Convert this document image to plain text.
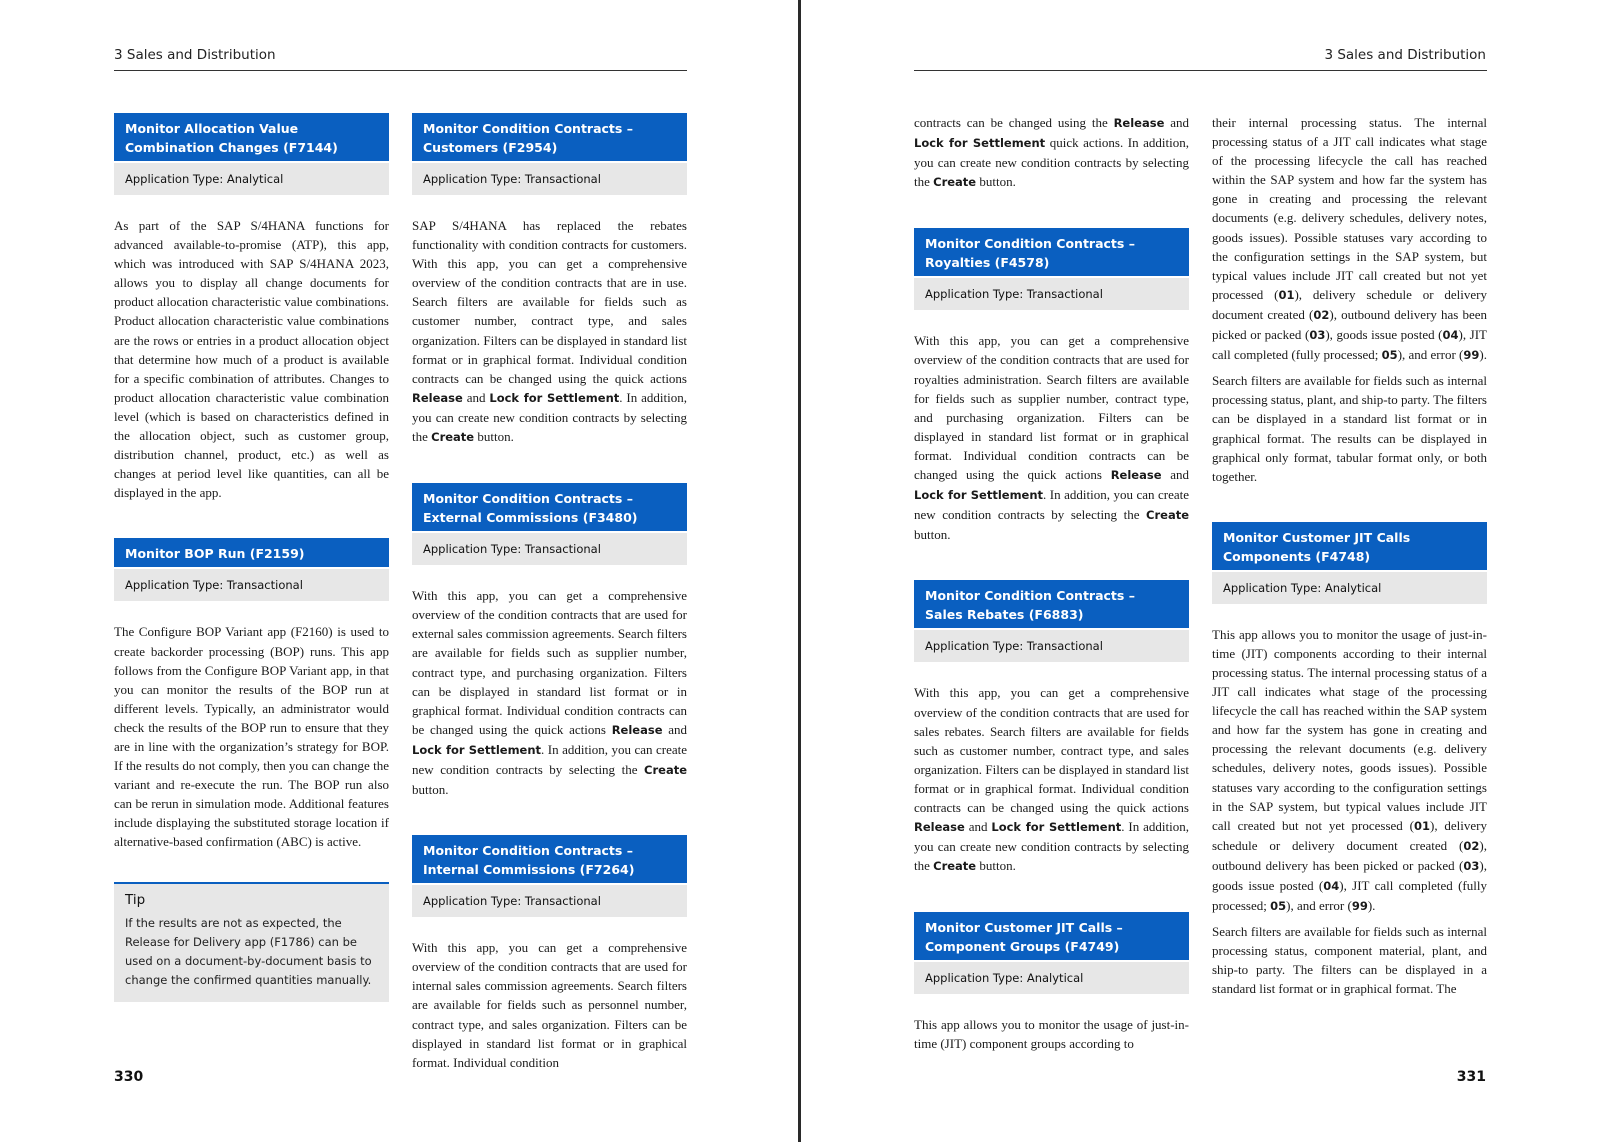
3 Sales and Distribution
Monitor Allocation Value Combination Changes (F7144)
Application Type: Analytical

As part of the SAP S/4HANA functions for advanced available-to-promise (ATP), this app, which was introduced with SAP S/4HANA 2023, allows you to display all change documents for product allocation characteristic value combinations. Product allocation characteristic value combinations are the rows or entries in a product allocation object that determine how much of a product is available for a specific combination of attributes. Changes to product allocation characteristic value combination level (which is based on characteristics defined in the allocation object, such as customer group, distribution channel, product, etc.) as well as changes at period level like quantities, can all be displayed in the app.

Monitor BOP Run (F2159)
Application Type: Transactional

The Configure BOP Variant app (F2160) is used to create backorder processing (BOP) runs. This app follows from the Configure BOP Variant app, in that you can monitor the results of the BOP run at different levels. Typically, an administrator would check the results of the BOP run to ensure that they are in line with the organization’s strategy for BOP. If the results do not comply, then you can change the variant and re-execute the run. The BOP run also can be rerun in simulation mode. Additional features include displaying the substituted storage location if alternative-based confirmation (ABC) is active.

Tip
If the results are not as expected, the Release for Delivery app (F1786) can be used on a document-by-document basis to change the confirmed quantities manually.
Monitor Condition Contracts –
Customers (F2954)
Application Type: Transactional

SAP S/4HANA has replaced the rebates functionality with condition contracts for customers. With this app, you can get a comprehensive overview of the condition contracts that are in use. Search filters are available for fields such as customer number, contract type, and sales organization. Filters can be displayed in standard list format or in graphical format. Individual condition contracts can be changed using the quick actions Release and Lock for Settlement. In addition, you can create new condition contracts by selecting the Create button.

Monitor Condition Contracts –
External Commissions (F3480)
Application Type: Transactional

With this app, you can get a comprehensive overview of the condition contracts that are used for external sales commission agreements. Search filters are available for fields such as supplier number, contract type, and purchasing organization. Filters can be displayed in standard list format or in graphical format. Individual condition contracts can be changed using the quick actions Release and Lock for Settlement. In addition, you can create new condition contracts by selecting the Create button.

Monitor Condition Contracts –
Internal Commissions (F7264)
Application Type: Transactional

With this app, you can get a comprehensive overview of the condition contracts that are used for internal sales commission agreements. Search filters are available for fields such as personnel number, contract type, and sales organization. Filters can be displayed in standard list format or in graphical format. Individual condition

330
3 Sales and Distribution

contracts can be changed using the Release and Lock for Settlement quick actions. In addition, you can create new condition contracts by selecting the Create button.

Monitor Condition Contracts –
Royalties (F4578)
Application Type: Transactional

With this app, you can get a comprehensive overview of the condition contracts that are used for royalties administration. Search filters are available for fields such as supplier number, contract type, and purchasing organization. Filters can be displayed in standard list format or in graphical format. Individual condition contracts can be changed using the quick actions Release and Lock for Settlement. In addition, you can create new condition contracts by selecting the Create button.

Monitor Condition Contracts –
Sales Rebates (F6883)
Application Type: Transactional

With this app, you can get a comprehensive overview of the condition contracts that are used for sales rebates. Search filters are available for fields such as customer number, contract type, and sales organization. Filters can be displayed in standard list format or in graphical format. Individual condition contracts can be changed using the quick actions Release and Lock for Settlement. In addition, you can create new condition contracts by selecting the Create button.

Monitor Customer JIT Calls –
Component Groups (F4749)
Application Type: Analytical

This app allows you to monitor the usage of just-in-time (JIT) component groups according to

their internal processing status. The internal processing status of a JIT call indicates what stage of the processing lifecycle the call has reached within the SAP system and how far the system has gone in creating and processing the relevant documents (e.g. delivery schedules, delivery notes, goods issues). Possible statuses vary according to the configuration settings in the SAP system, but typical values include JIT call created but not yet processed (01), delivery schedule or delivery document created (02), outbound delivery has been picked or packed (03), goods issue posted (04), JIT call completed (fully processed; 05), and error (99).

Search filters are available for fields such as internal processing status, plant, and ship-to party. The filters can be displayed in a standard list format or in graphical format. The results can be displayed in graphical only format, tabular format only, or both together.

Monitor Customer JIT Calls Components (F4748)
Application Type: Analytical

This app allows you to monitor the usage of just-in-time (JIT) components according to their internal processing status. The internal processing status of a JIT call indicates what stage of the processing lifecycle the call has reached within the SAP system and how far the system has gone in creating and processing the relevant documents (e.g. delivery schedules, delivery notes, goods issues). Possible statuses vary according to the configuration settings in the SAP system, but typical values include JIT call created but not yet processed (01), delivery schedule or delivery document created (02), outbound delivery has been picked or packed (03), goods issue posted (04), JIT call completed (fully processed; 05), and error (99).

Search filters are available for fields such as internal processing status, component material, plant, and ship-to party. The filters can be displayed in a standard list format or in graphical format. The

331
